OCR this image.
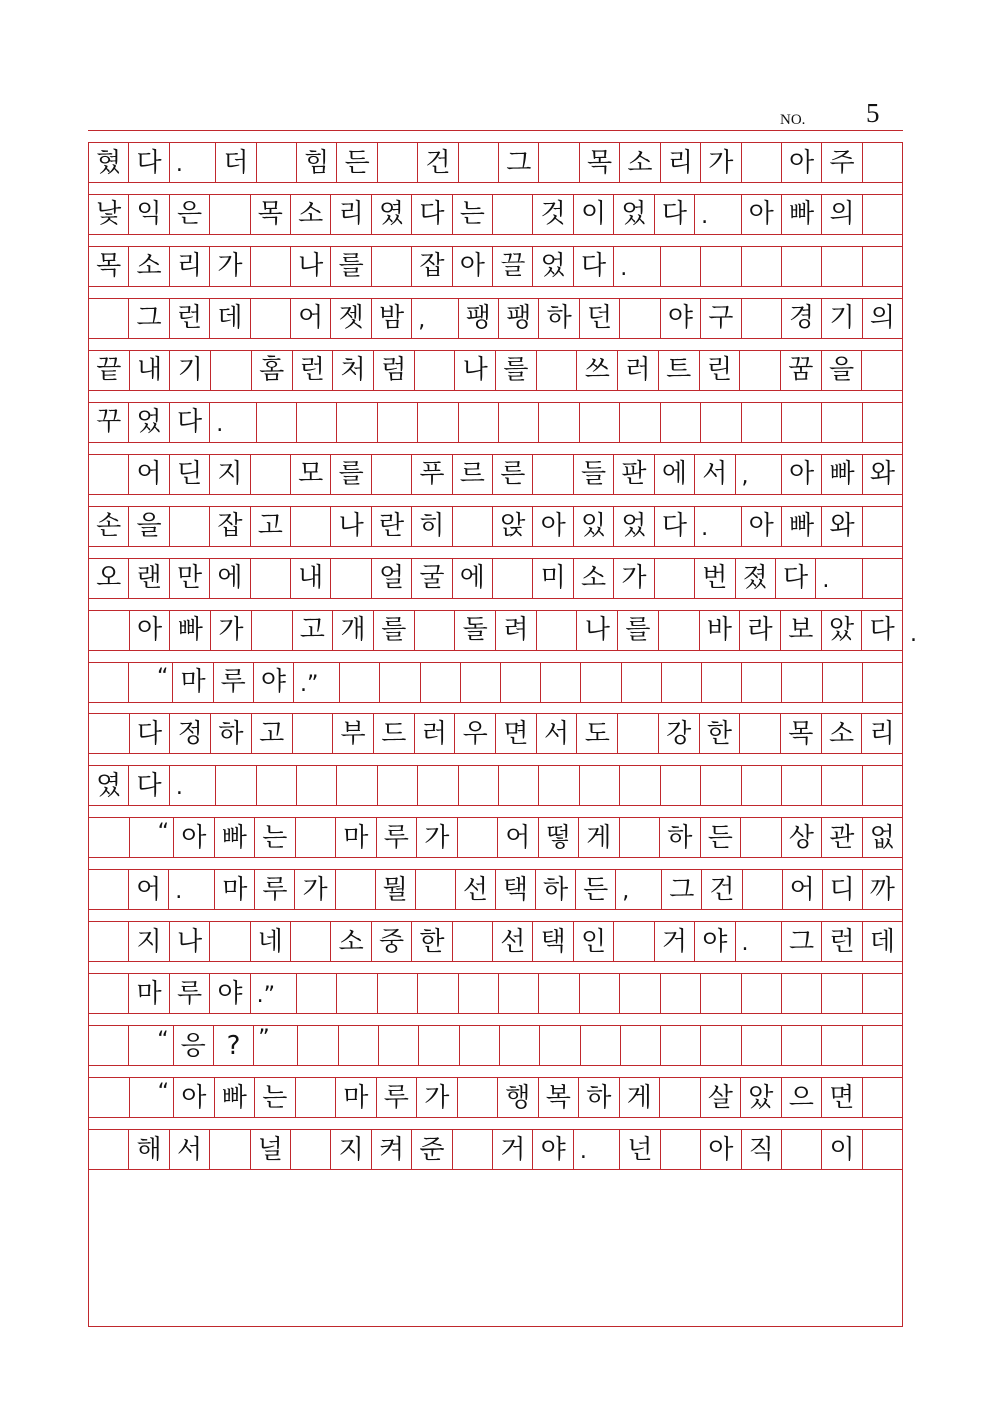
NO. 5
혔 다 .	더	힘 든	건	그	목 소 리 가	아 주
낯 익 은	목 소 리 였 다 는	것 이 었 다 .	아 빠 의
목 소 리 가	나 를	잡 아 끌 었 다 .
그 런 데	어 젯 밤 ,	팽 팽 하 던	야 구	경 기 의
끝 내 기	홈 런 처 럼	나 를	쓰 러 트 린	꿈 을
꾸 었 다 .
어 딘 지	모 를	푸 르 른	들 판 에 서 ,	아 빠 와
손 을	잡 고	나 란 히	앉 아 있 었 다 .	아 빠 와
오 랜 만 에	내	얼 굴 에	미 소 가	번 졌 다 .
아 빠 가	고 개 를	돌 려	나 를	바 라 보 았 다
“ 마 루 야 .”
다 정 하 고	부 드 러 우 면 서 도	강 한	목 소 리
였 다 .
“ 아 빠 는	마 루 가	어 떻 게	하 든	상 관 없
어 .	마 루 가	뭘	선 택 하 든 ,	그 건	어 디 까
지 나	네	소 중 한	선 택 인	거 야 .	그 런 데
마 루 야 .”
“ 응 ? ”
“ 아 빠 는	마 루 가	행 복 하 게	살 았 으 면
해 서	널	지 켜 준	거 야 .	넌	아 직	이
.
